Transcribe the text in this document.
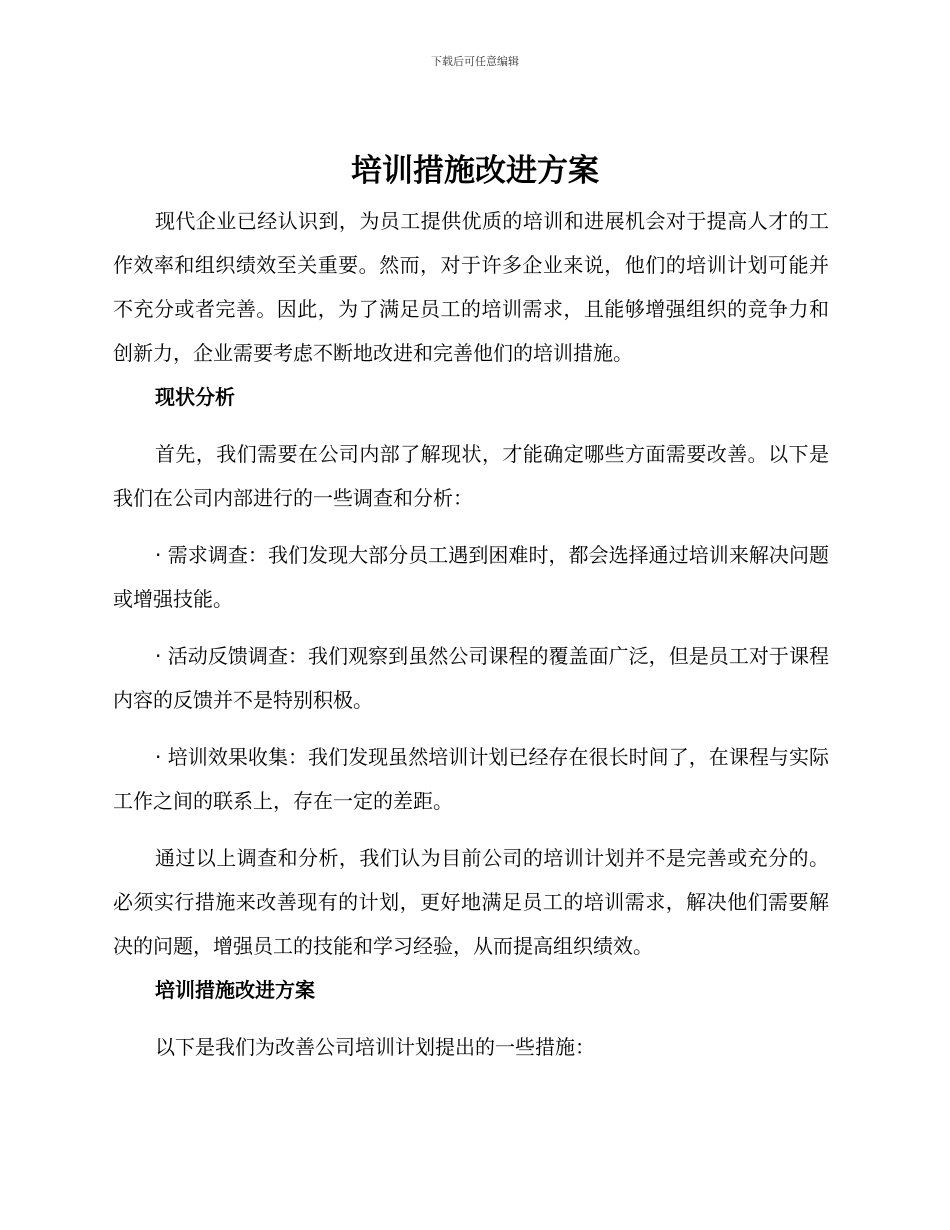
下载后可任意编辑
培训措施改进方案

现代企业已经认识到，为员工提供优质的培训和进展机会对于提高人才的工作效率和组织绩效至关重要。然而，对于许多企业来说，他们的培训计划可能并不充分或者完善。因此，为了满足员工的培训需求，且能够增强组织的竞争力和创新力，企业需要考虑不断地改进和完善他们的培训措施。

现状分析

首先，我们需要在公司内部了解现状，才能确定哪些方面需要改善。以下是我们在公司内部进行的一些调查和分析：

· 需求调查：我们发现大部分员工遇到困难时，都会选择通过培训来解决问题或增强技能。

· 活动反馈调查：我们观察到虽然公司课程的覆盖面广泛，但是员工对于课程内容的反馈并不是特别积极。

· 培训效果收集：我们发现虽然培训计划已经存在很长时间了，在课程与实际工作之间的联系上，存在一定的差距。

通过以上调查和分析，我们认为目前公司的培训计划并不是完善或充分的。必须实行措施来改善现有的计划，更好地满足员工的培训需求，解决他们需要解决的问题，增强员工的技能和学习经验，从而提高组织绩效。

培训措施改进方案

以下是我们为改善公司培训计划提出的一些措施：
